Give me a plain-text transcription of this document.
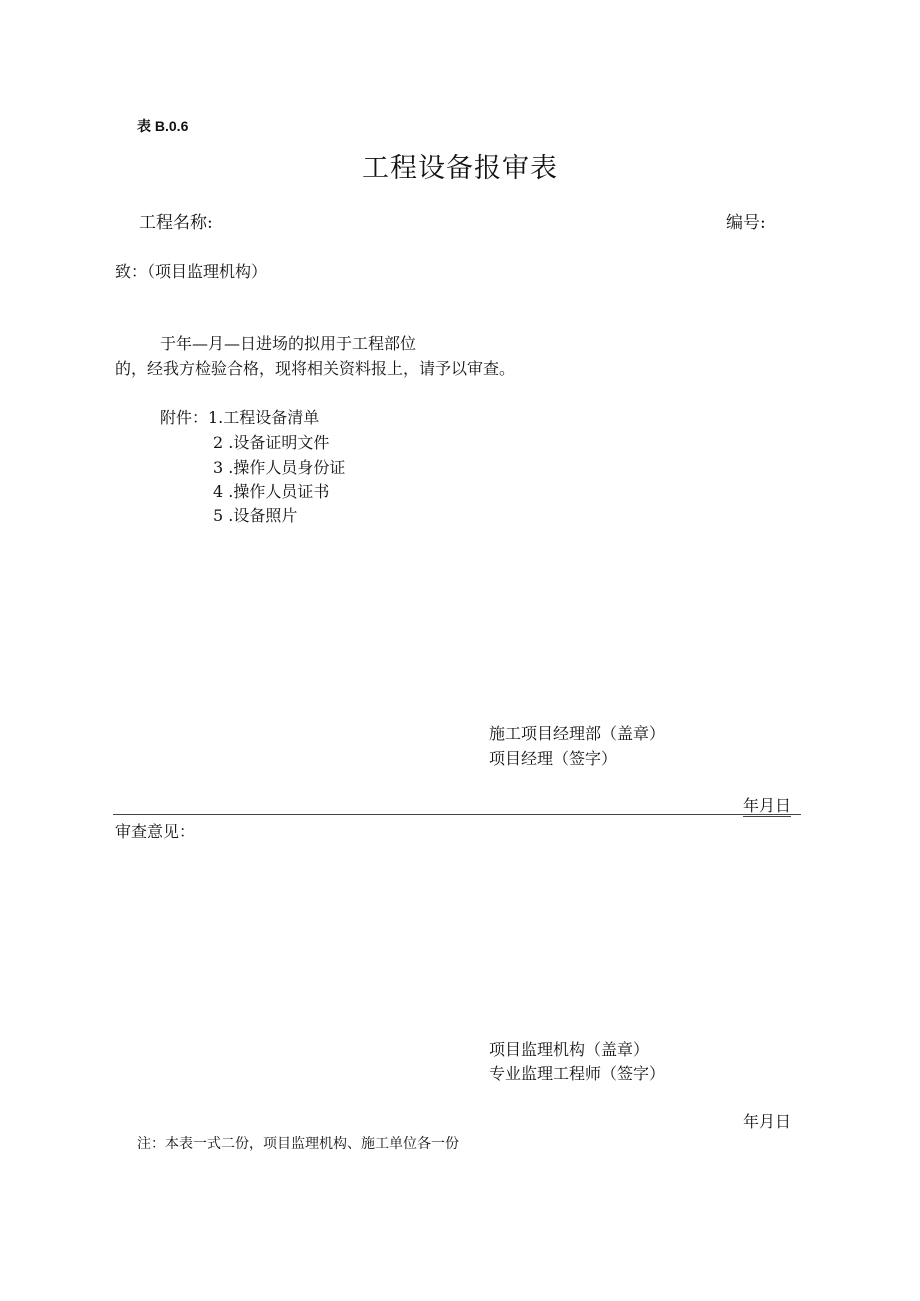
表 B.0.6
工程设备报审表
工程名称:	编号:
致：（项目监理机构）
于年—月—日进场的拟用于工程部位
的，经我方检验合格，现将相关资料报上，请予以审查。
附件：1.工程设备清单
2 .设备证明文件
3 .操作人员身份证
4 .操作人员证书
5 .设备照片
施工项目经理部（盖章）
项目经理（签字）
年月日
审查意见：
项目监理机构（盖章）
专业监理工程师（签字）
年月日
注：本表一式二份，项目监理机构、施工单位各一份
